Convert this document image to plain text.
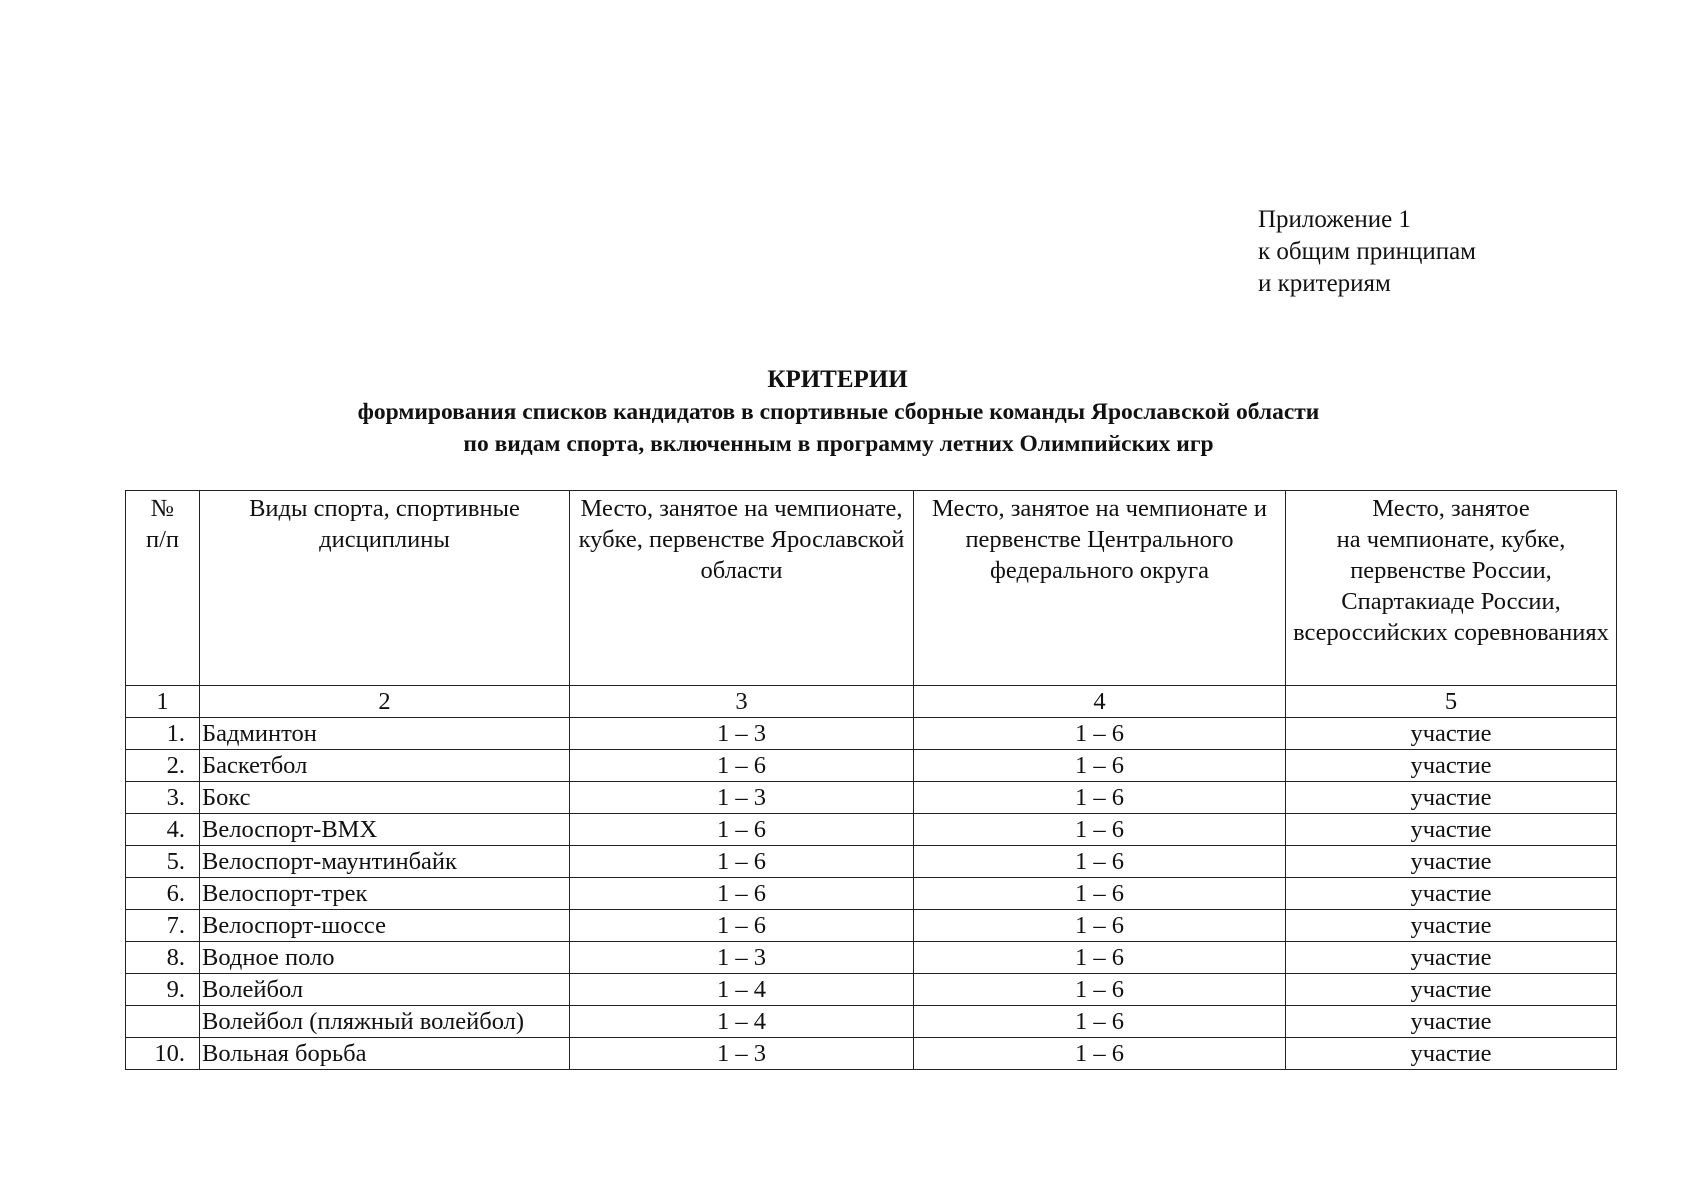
Приложение 1
к общим принципам
и критериям
КРИТЕРИИ
формирования списков кандидатов в спортивные сборные команды Ярославской области
по видам спорта, включенным в программу летних Олимпийских игр
№
п/п	Виды спорта, спортивные дисциплины	Место, занятое на чемпионате, кубке, первенстве Ярославской области	Место, занятое на чемпионате и первенстве Центрального федерального округа	Место, занятое
на чемпионате, кубке, первенстве России, Спартакиаде России, всероссийских соревнованиях
1	2	3	4	5
1.	Бадминтон	1 – 3	1 – 6	участие
2.	Баскетбол	1 – 6	1 – 6	участие
3.	Бокс	1 – 3	1 – 6	участие
4.	Велоспорт-BMX	1 – 6	1 – 6	участие
5.	Велоспорт-маунтинбайк	1 – 6	1 – 6	участие
6.	Велоспорт-трек	1 – 6	1 – 6	участие
7.	Велоспорт-шоссе	1 – 6	1 – 6	участие
8.	Водное поло	1 – 3	1 – 6	участие
9.	Волейбол	1 – 4	1 – 6	участие
	Волейбол (пляжный волейбол)	1 – 4	1 – 6	участие
10.	Вольная борьба	1 – 3	1 – 6	участие
